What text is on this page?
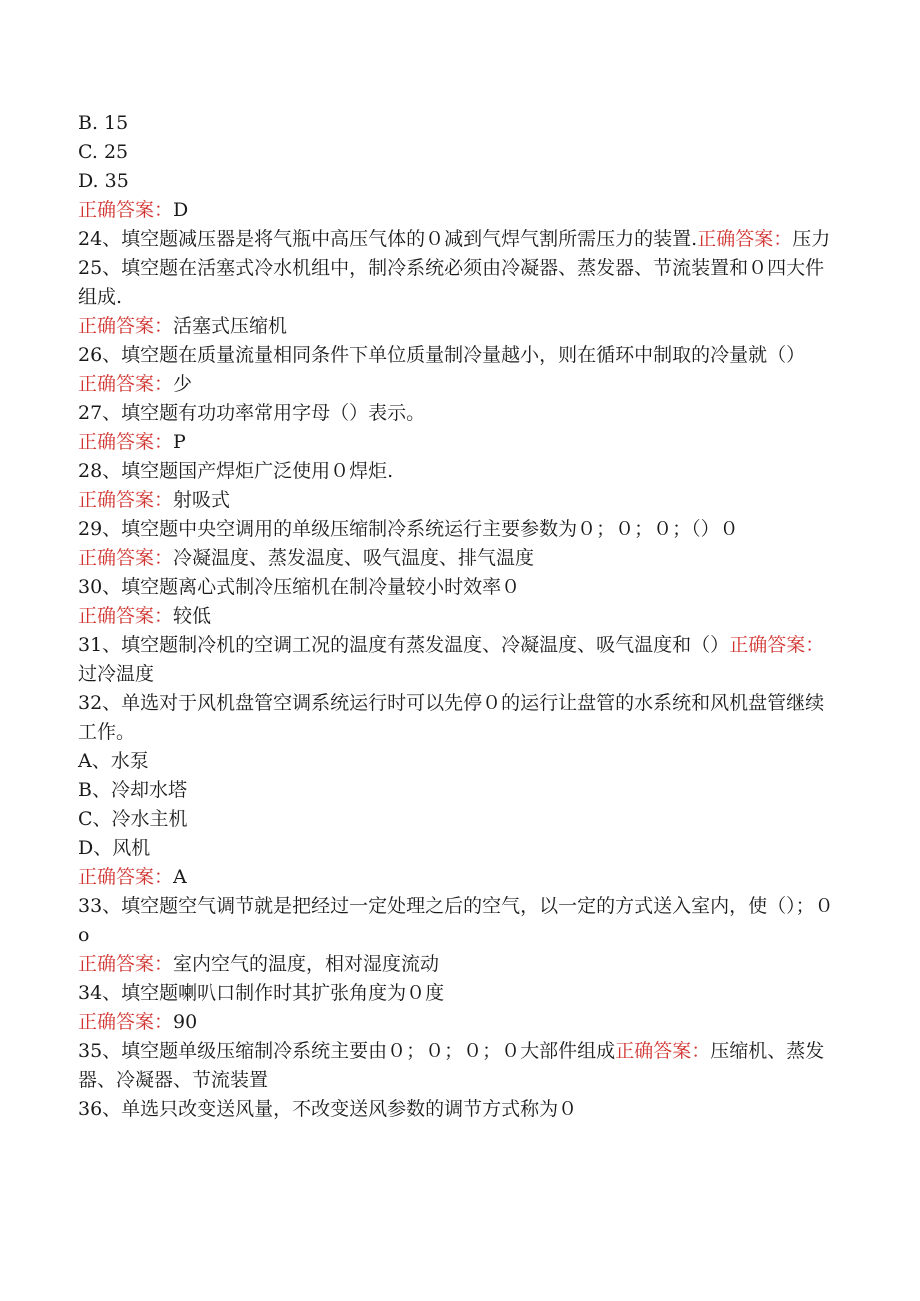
B. 15
C. 25
D. 35
正确答案：D
24、填空题减压器是将气瓶中高压气体的０减到气焊气割所需压力的装置.正确答案：压力
25、填空题在活塞式冷水机组中，制冷系统必须由冷凝器、蒸发器、节流装置和０四大件组成.
正确答案：活塞式压缩机
26、填空题在质量流量相同条件下单位质量制冷量越小，则在循环中制取的冷量就（）
正确答案：少
27、填空题有功功率常用字母（）表示。
正确答案：P
28、填空题国产焊炬广泛使用０焊炬.
正确答案：射吸式
29、填空题中央空调用的单级压缩制冷系统运行主要参数为０；０；０；（）０
正确答案：冷凝温度、蒸发温度、吸气温度、排气温度
30、填空题离心式制冷压缩机在制冷量较小时效率０
正确答案：较低
31、填空题制冷机的空调工况的温度有蒸发温度、冷凝温度、吸气温度和（）正确答案：过冷温度
32、单选对于风机盘管空调系统运行时可以先停０的运行让盘管的水系统和风机盘管继续工作。
A、水泵
B、冷却水塔
C、冷水主机
D、风机
正确答案：A
33、填空题空气调节就是把经过一定处理之后的空气，以一定的方式送入室内，使（）；０o
正确答案：室内空气的温度，相对湿度流动
34、填空题喇叭口制作时其扩张角度为０度
正确答案：90
35、填空题单级压缩制冷系统主要由０；０；０；０大部件组成正确答案：压缩机、蒸发器、冷凝器、节流装置
36、单选只改变送风量，不改变送风参数的调节方式称为０
